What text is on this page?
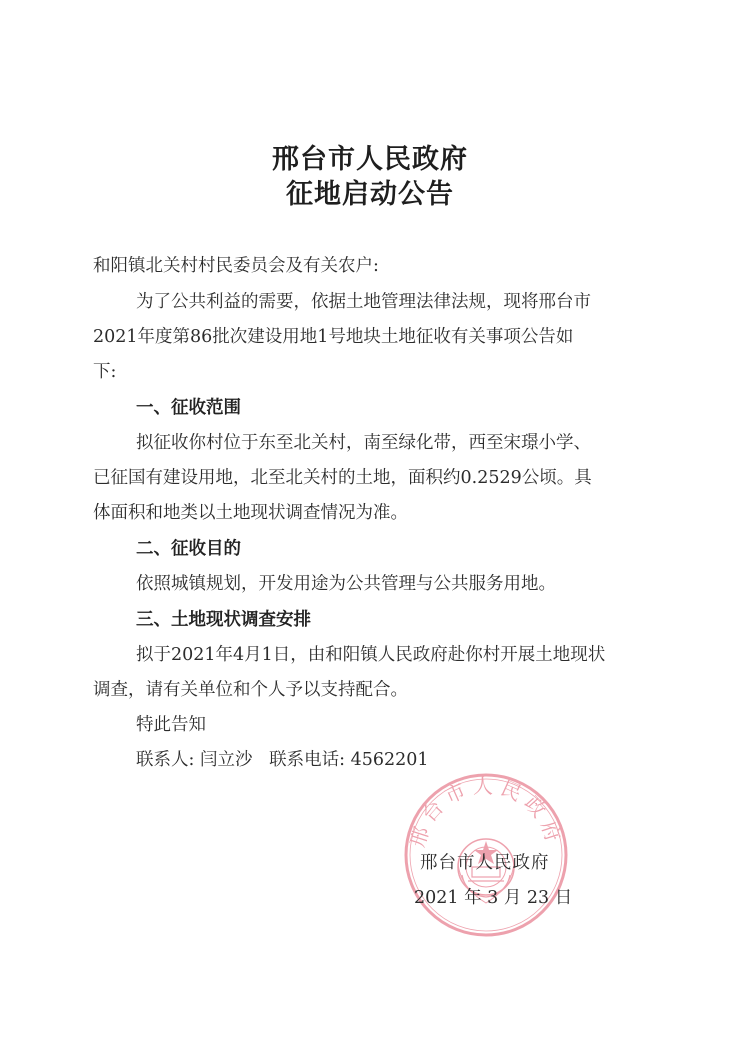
邢台市人民政府
征地启动公告
和阳镇北关村村民委员会及有关农户:
为了公共利益的需要，依据土地管理法律法规，现将邢台市
2021年度第86批次建设用地1号地块土地征收有关事项公告如
下:
一、征收范围
拟征收你村位于东至北关村，南至绿化带，西至宋璟小学、
已征国有建设用地，北至北关村的土地，面积约0.2529公顷。具
体面积和地类以土地现状调查情况为准。
二、征收目的
依照城镇规划，开发用途为公共管理与公共服务用地。
三、土地现状调查安排
拟于2021年4月1日，由和阳镇人民政府赴你村开展土地现状
调查，请有关单位和个人予以支持配合。
特此告知
联系人: 闫立沙   联系电话: 4562201
邢台市人民政府
邢台市人民政府
2021 年 3 月 23 日
